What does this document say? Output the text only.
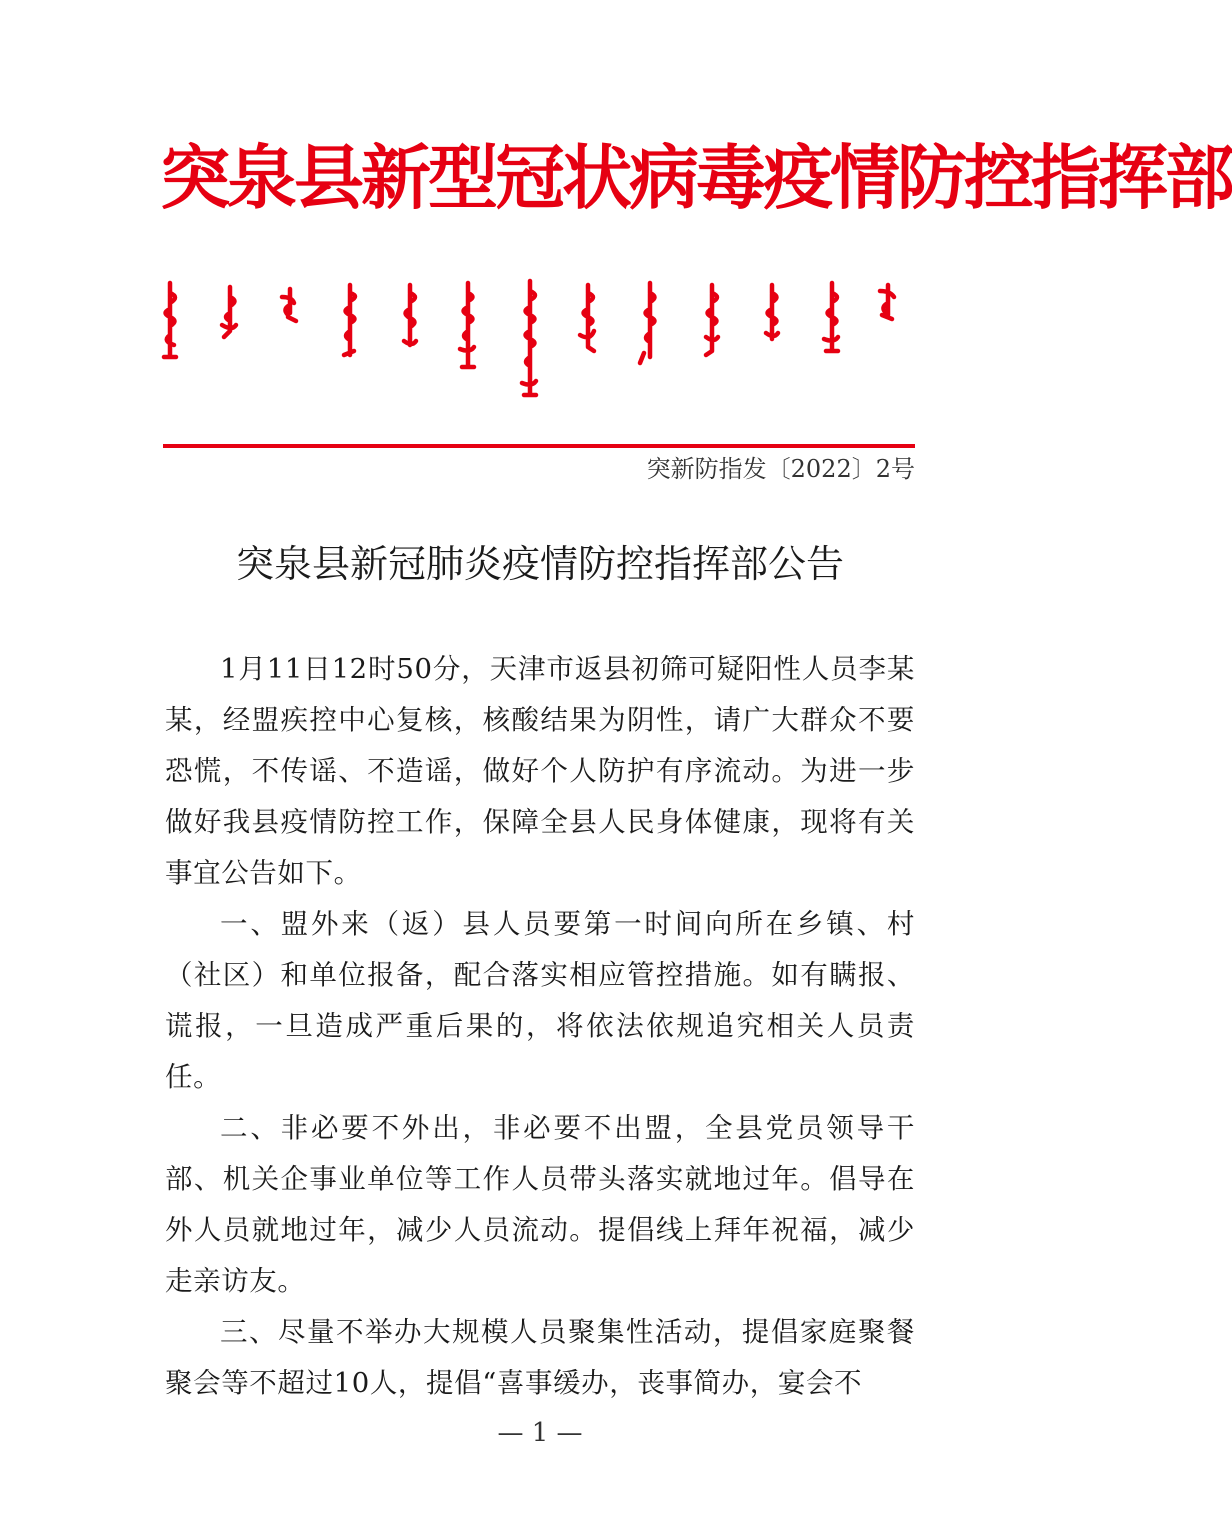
突泉县新型冠状病毒疫情防控指挥部
突新防指发〔2022〕2号
突泉县新冠肺炎疫情防控指挥部公告

1月11日12时50分，天津市返县初筛可疑阳性人员李某某，经盟疾控中心复核，核酸结果为阴性，请广大群众不要恐慌，不传谣、不造谣，做好个人防护有序流动。为进一步做好我县疫情防控工作，保障全县人民身体健康，现将有关事宜公告如下。

一、盟外来（返）县人员要第一时间向所在乡镇、村（社区）和单位报备，配合落实相应管控措施。如有瞒报、谎报，一旦造成严重后果的，将依法依规追究相关人员责任。

二、非必要不外出，非必要不出盟，全县党员领导干部、机关企事业单位等工作人员带头落实就地过年。倡导在外人员就地过年，减少人员流动。提倡线上拜年祝福，减少走亲访友。

三、尽量不举办大规模人员聚集性活动，提倡家庭聚餐聚会等不超过10人，提倡“喜事缓办，丧事简办，宴会不

— 1 —
